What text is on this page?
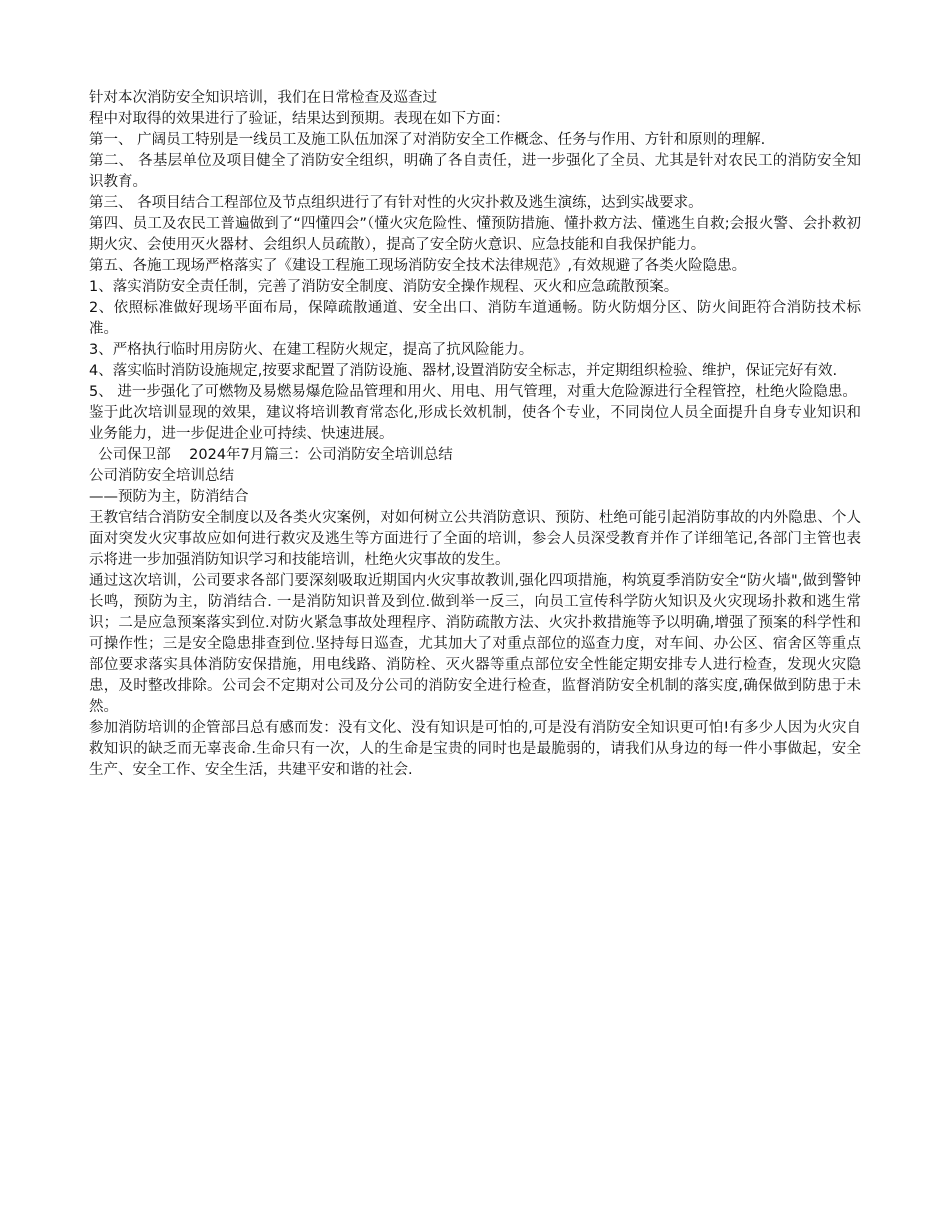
针对本次消防安全知识培训，我们在日常检查及巡查过

程中对取得的效果进行了验证，结果达到预期。表现在如下方面：

第一、 广阔员工特别是一线员工及施工队伍加深了对消防安全工作概念、任务与作用、方针和原则的理解.

第二、 各基层单位及项目健全了消防安全组织，明确了各自责任，进一步强化了全员、尤其是针对农民工的消防安全知识教育。

第三、 各项目结合工程部位及节点组织进行了有针对性的火灾扑救及逃生演练，达到实战要求。

第四、员工及农民工普遍做到了“四懂四会”（懂火灾危险性、懂预防措施、懂扑救方法、懂逃生自救;会报火警、会扑救初期火灾、会使用灭火器材、会组织人员疏散），提高了安全防火意识、应急技能和自我保护能力。

第五、各施工现场严格落实了《建设工程施工现场消防安全技术法律规范》,有效规避了各类火险隐患。

1、落实消防安全责任制，完善了消防安全制度、消防安全操作规程、灭火和应急疏散预案。

2、依照标准做好现场平面布局，保障疏散通道、安全出口、消防车道通畅。防火防烟分区、防火间距符合消防技术标准。

3、严格执行临时用房防火、在建工程防火规定，提高了抗风险能力。

4、落实临时消防设施规定,按要求配置了消防设施、器材,设置消防安全标志，并定期组织检验、维护，保证完好有效.

5、 进一步强化了可燃物及易燃易爆危险品管理和用火、用电、用气管理，对重大危险源进行全程管控，杜绝火险隐患。

鉴于此次培训显现的效果，建议将培训教育常态化,形成长效机制，使各个专业，不同岗位人员全面提升自身专业知识和业务能力，进一步促进企业可持续、快速进展。

公司保卫部    2024年7月篇三：公司消防安全培训总结

公司消防安全培训总结

——预防为主，防消结合

王教官结合消防安全制度以及各类火灾案例，对如何树立公共消防意识、预防、杜绝可能引起消防事故的内外隐患、个人面对突发火灾事故应如何进行救灾及逃生等方面进行了全面的培训，参会人员深受教育并作了详细笔记,各部门主管也表示将进一步加强消防知识学习和技能培训，杜绝火灾事故的发生。

通过这次培训，公司要求各部门要深刻吸取近期国内火灾事故教训,强化四项措施，构筑夏季消防安全“防火墙",做到警钟长鸣，预防为主，防消结合. 一是消防知识普及到位.做到举一反三，向员工宣传科学防火知识及火灾现场扑救和逃生常识；二是应急预案落实到位.对防火紧急事故处理程序、消防疏散方法、火灾扑救措施等予以明确,增强了预案的科学性和可操作性；三是安全隐患排查到位.坚持每日巡查，尤其加大了对重点部位的巡查力度，对车间、办公区、宿舍区等重点部位要求落实具体消防安保措施，用电线路、消防栓、灭火器等重点部位安全性能定期安排专人进行检查，发现火灾隐患，及时整改排除。公司会不定期对公司及分公司的消防安全进行检查，监督消防安全机制的落实度,确保做到防患于未然。

参加消防培训的企管部吕总有感而发：没有文化、没有知识是可怕的,可是没有消防安全知识更可怕!有多少人因为火灾自救知识的缺乏而无辜丧命.生命只有一次，人的生命是宝贵的同时也是最脆弱的，请我们从身边的每一件小事做起，安全生产、安全工作、安全生活，共建平安和谐的社会.
